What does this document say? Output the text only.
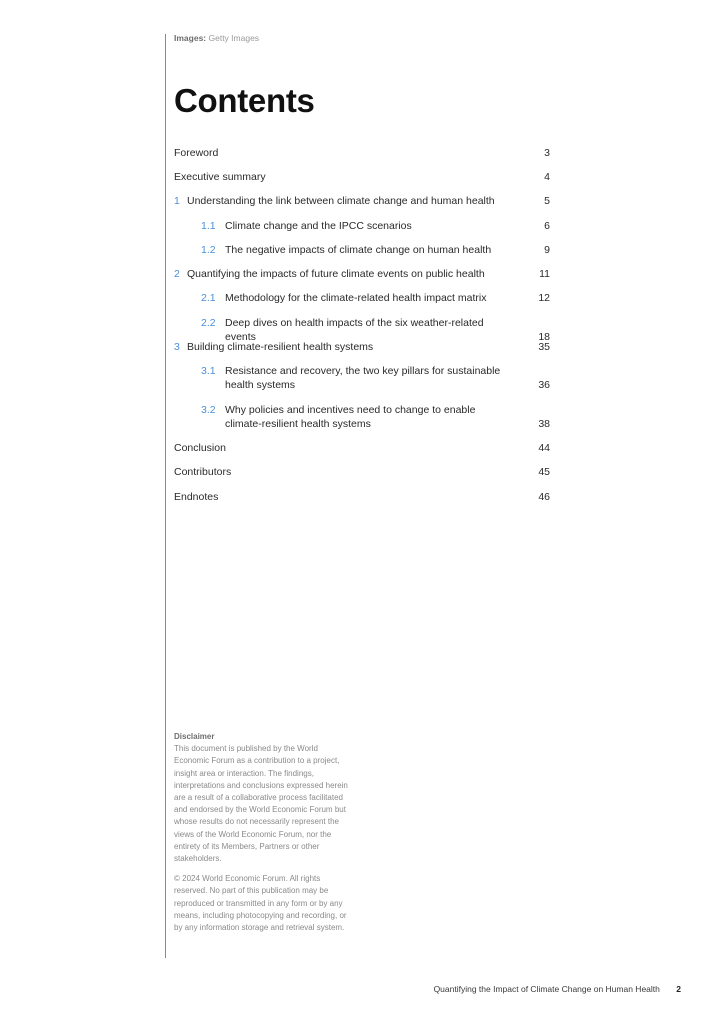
Images: Getty Images
Contents
Foreword	3
Executive summary	4
1 Understanding the link between climate change and human health	5
1.1 Climate change and the IPCC scenarios	6
1.2 The negative impacts of climate change on human health	9
2 Quantifying the impacts of future climate events on public health	11
2.1 Methodology for the climate-related health impact matrix	12
2.2 Deep dives on health impacts of the six weather-related events	18
3 Building climate-resilient health systems	35
3.1 Resistance and recovery, the two key pillars for sustainable health systems	36
3.2 Why policies and incentives need to change to enable climate-resilient health systems	38
Conclusion	44
Contributors	45
Endnotes	46

Disclaimer

This document is published by the World Economic Forum as a contribution to a project, insight area or interaction. The findings, interpretations and conclusions expressed herein are a result of a collaborative process facilitated and endorsed by the World Economic Forum but whose results do not necessarily represent the views of the World Economic Forum, nor the entirety of its Members, Partners or other stakeholders.

© 2024 World Economic Forum. All rights reserved. No part of this publication may be reproduced or transmitted in any form or by any means, including photocopying and recording, or by any information storage and retrieval system.

Quantifying the Impact of Climate Change on Human Health 2
